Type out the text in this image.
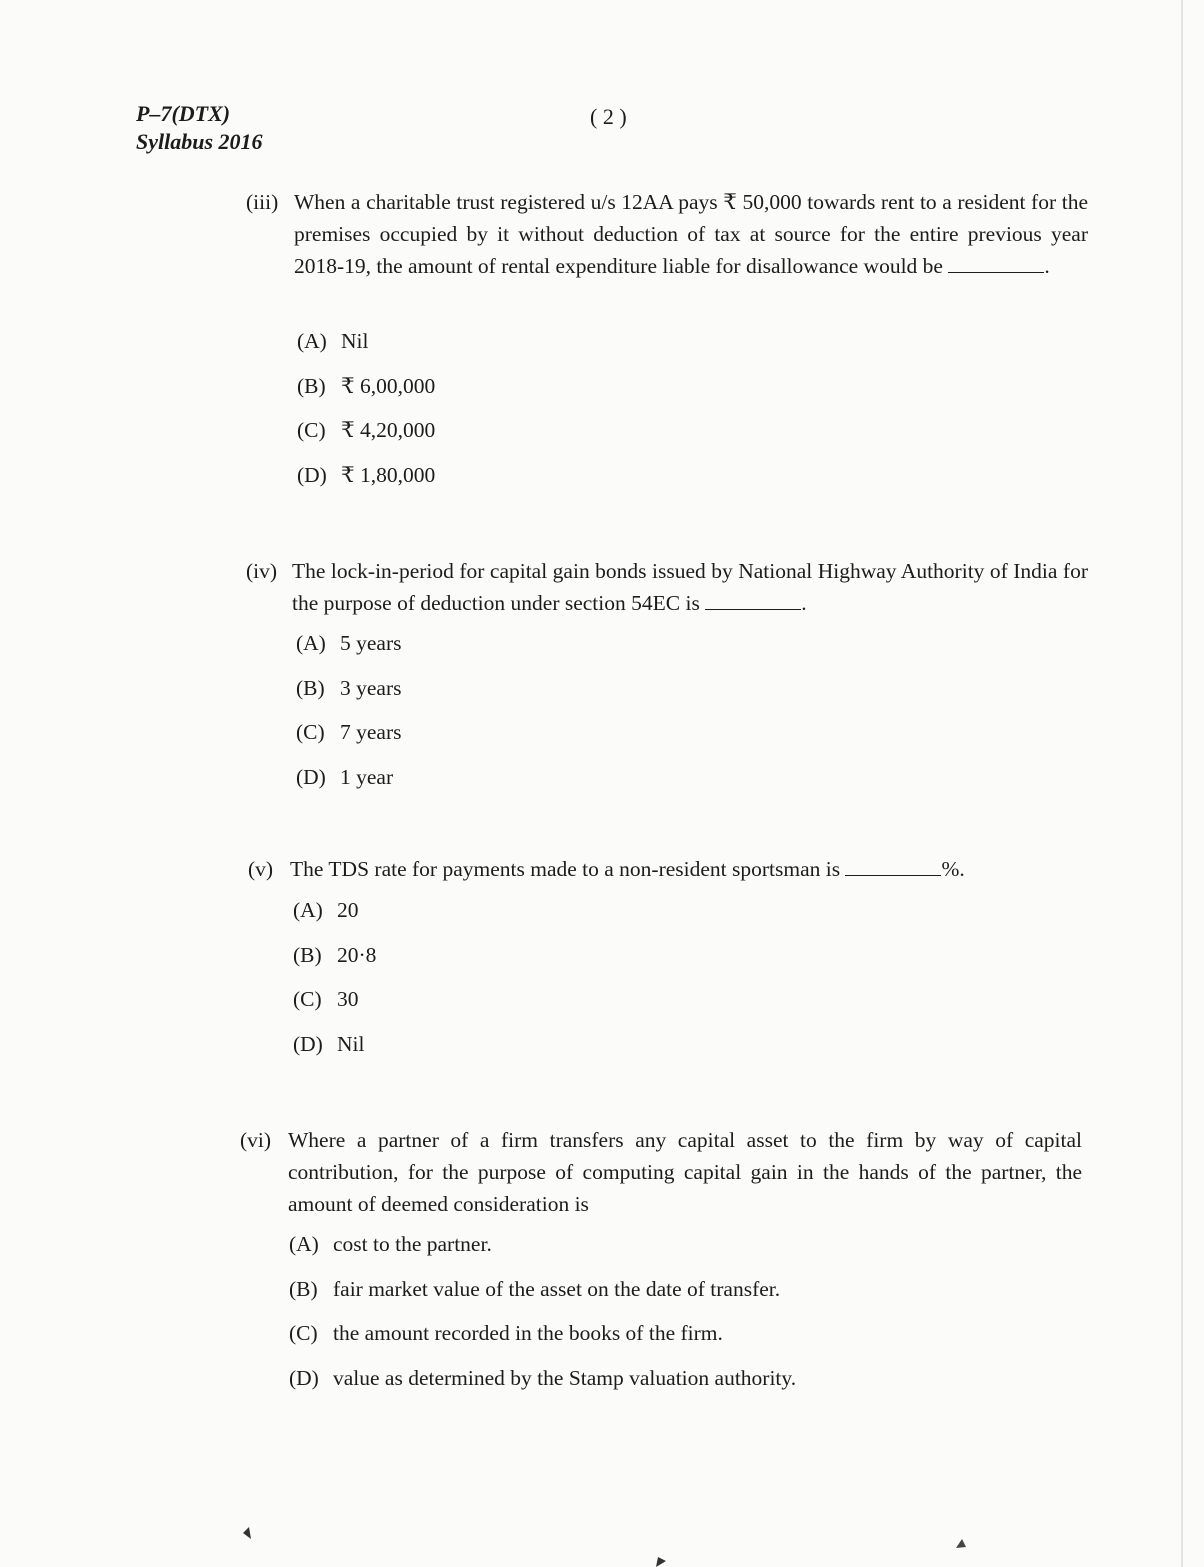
P–7(DTX)
Syllabus 2016
( 2 )
(iii) When a charitable trust registered u/s 12AA pays ₹ 50,000 towards rent to a resident for the premises occupied by it without deduction of tax at source for the entire previous year 2018-19, the amount of rental expenditure liable for disallowance would be	.
(A) Nil
(B) ₹ 6,00,000
(C) ₹ 4,20,000
(D) ₹ 1,80,000
(iv) The lock-in-period for capital gain bonds issued by National Highway Authority of India for the purpose of deduction under section 54EC is	.
(A) 5 years
(B) 3 years
(C) 7 years
(D) 1 year
(v) The TDS rate for payments made to a non-resident sportsman is	%.
(A) 20
(B) 20·8
(C) 30
(D) Nil
(vi) Where a partner of a firm transfers any capital asset to the firm by way of capital contribution, for the purpose of computing capital gain in the hands of the partner, the amount of deemed consideration is
(A) cost to the partner.
(B) fair market value of the asset on the date of transfer.
(C) the amount recorded in the books of the firm.
(D) value as determined by the Stamp valuation authority.
